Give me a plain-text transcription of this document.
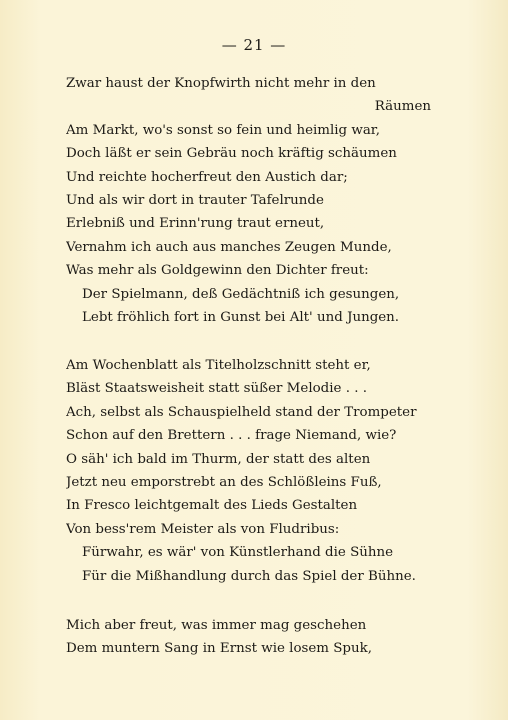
— 21 —
Zwar haust der Knopfwirth nicht mehr in den
Räumen
Am Markt, wo's sonst so fein und heimlig war,
Doch läßt er sein Gebräu noch kräftig schäumen
Und reichte hocherfreut den Austich dar;
Und als wir dort in trauter Tafelrunde
Erlebniß und Erinn'rung traut erneut,
Vernahm ich auch aus manches Zeugen Munde,
Was mehr als Goldgewinn den Dichter freut:
Der Spielmann, deß Gedächtniß ich gesungen,
Lebt fröhlich fort in Gunst bei Alt' und Jungen.
Am Wochenblatt als Titelholzschnitt steht er,
Bläst Staatsweisheit statt süßer Melodie . . .
Ach, selbst als Schauspielheld stand der Trompeter
Schon auf den Brettern . . . frage Niemand, wie?
O säh' ich bald im Thurm, der statt des alten
Jetzt neu emporstrebt an des Schlößleins Fuß,
In Fresco leichtgemalt des Lieds Gestalten
Von bess'rem Meister als von Fludribus:
Fürwahr, es wär' von Künstlerhand die Sühne
Für die Mißhandlung durch das Spiel der Bühne.
Mich aber freut, was immer mag geschehen
Dem muntern Sang in Ernst wie losem Spuk,
